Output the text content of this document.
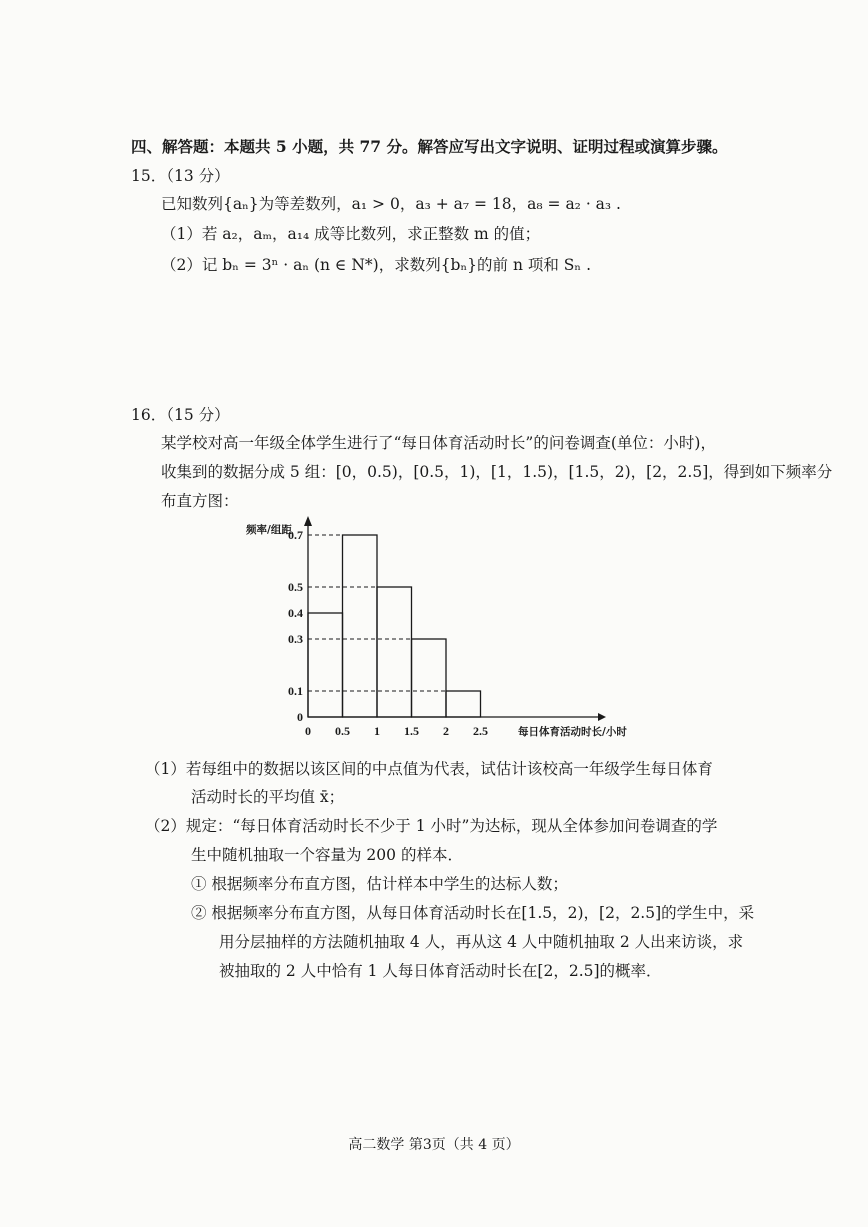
四、解答题：本题共 5 小题，共 77 分。解答应写出文字说明、证明过程或演算步骤。
15．（13 分）
已知数列{aₙ}为等差数列，a₁ > 0，a₃ + a₇ = 18，a₈ = a₂ · a₃ .
（1）若 a₂，aₘ，a₁₄ 成等比数列，求正整数 m 的值；
（2）记 bₙ = 3ⁿ · aₙ (n ∈ N*)，求数列{bₙ}的前 n 项和 Sₙ .
16．（15 分）
某学校对高一年级全体学生进行了“每日体育活动时长”的问卷调查(单位：小时)，
收集到的数据分成 5 组：[0，0.5)，[0.5，1)，[1，1.5)，[1.5，2)，[2，2.5]，得到如下频率分
布直方图：
频率/组距
每日体育活动时长/小时
0 0.5 1 1.5 2 2.5
0
0.1
0.3
0.4
0.5
0.7
（1）若每组中的数据以该区间的中点值为代表，试估计该校高一年级学生每日体育
活动时长的平均值 x̄；
（2）规定：“每日体育活动时长不少于 1 小时”为达标，现从全体参加问卷调查的学
生中随机抽取一个容量为 200 的样本．
① 根据频率分布直方图，估计样本中学生的达标人数；
② 根据频率分布直方图，从每日体育活动时长在[1.5，2)，[2，2.5]的学生中，采
用分层抽样的方法随机抽取 4 人，再从这 4 人中随机抽取 2 人出来访谈，求
被抽取的 2 人中恰有 1 人每日体育活动时长在[2，2.5]的概率．
高二数学 第3页（共 4 页）
